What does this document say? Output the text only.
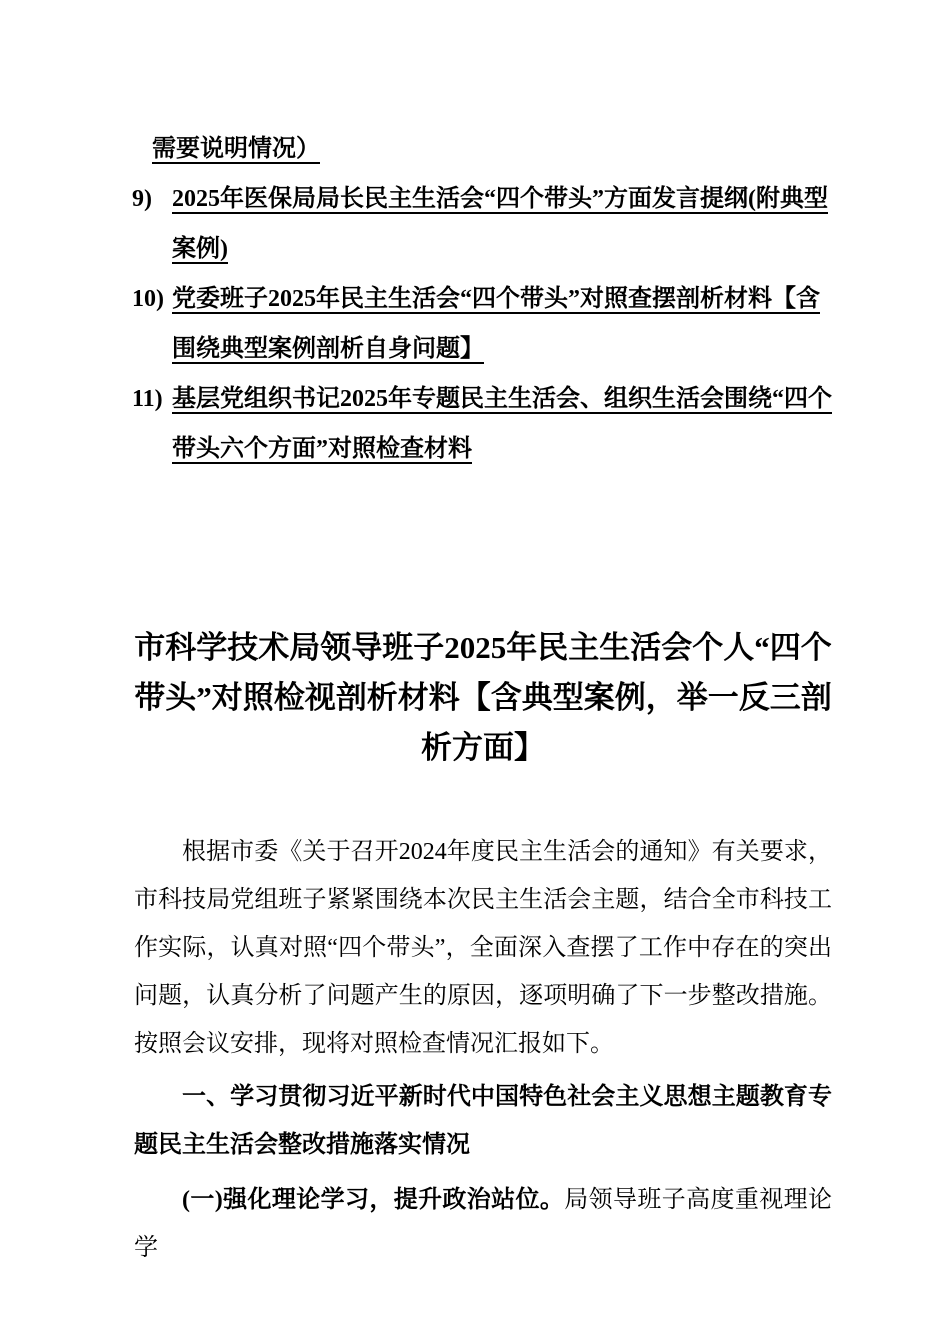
需要说明情况）
9) 2025年医保局局长民主生活会“四个带头”方面发言提纲(附典型案例)
10) 党委班子2025年民主生活会“四个带头”对照查摆剖析材料【含围绕典型案例剖析自身问题】
11) 基层党组织书记2025年专题民主生活会、组织生活会围绕“四个带头六个方面”对照检查材料
市科学技术局领导班子2025年民主生活会个人“四个带头”对照检视剖析材料【含典型案例，举一反三剖析方面】

根据市委《关于召开2024年度民主生活会的通知》有关要求，市科技局党组班子紧紧围绕本次民主生活会主题，结合全市科技工作实际，认真对照“四个带头”，全面深入查摆了工作中存在的突出问题，认真分析了问题产生的原因，逐项明确了下一步整改措施。按照会议安排，现将对照检查情况汇报如下。

一、学习贯彻习近平新时代中国特色社会主义思想主题教育专题民主生活会整改措施落实情况

(一)强化理论学习，提升政治站位。局领导班子高度重视理论学
